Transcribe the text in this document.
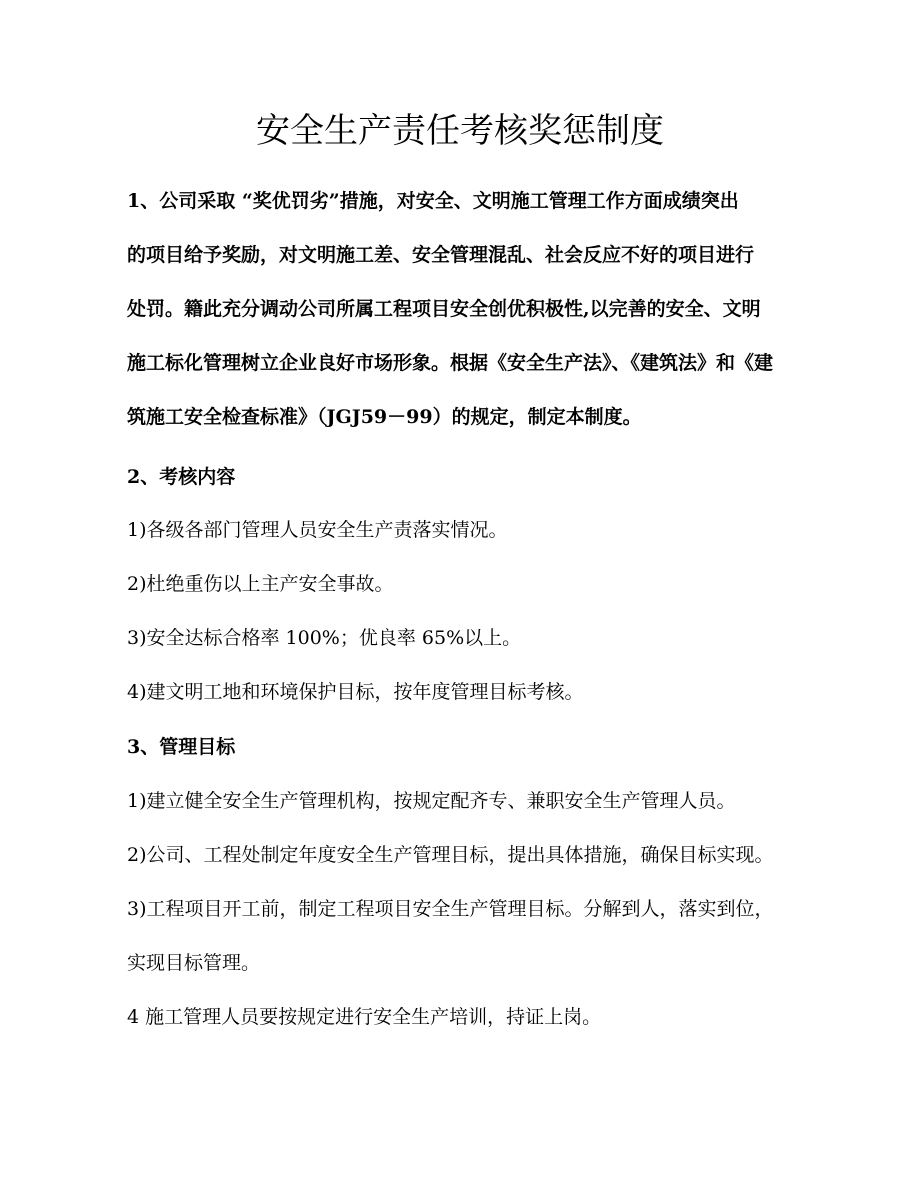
安全生产责任考核奖惩制度
1、公司采取 “奖优罚劣”措施，对安全、文明施工管理工作方面成绩突出
的项目给予奖励，对文明施工差、安全管理混乱、社会反应不好的项目进行
处罚。籍此充分调动公司所属工程项目安全创优积极性,以完善的安全、文明
施工标化管理树立企业良好市场形象。根据《安全生产法》、《建筑法》和《建
筑施工安全检查标准》（JGJ59－99）的规定，制定本制度。
2、考核内容
1)各级各部门管理人员安全生产责落实情况。
2)杜绝重伤以上主产安全事故。
3)安全达标合格率 100%；优良率 65%以上。
4)建文明工地和环境保护目标，按年度管理目标考核。
3、管理目标
1)建立健全安全生产管理机构，按规定配齐专、兼职安全生产管理人员。
2)公司、工程处制定年度安全生产管理目标，提出具体措施，确保目标实现。
3)工程项目开工前，制定工程项目安全生产管理目标。分解到人，落实到位，
实现目标管理。
4 施工管理人员要按规定进行安全生产培训，持证上岗。
